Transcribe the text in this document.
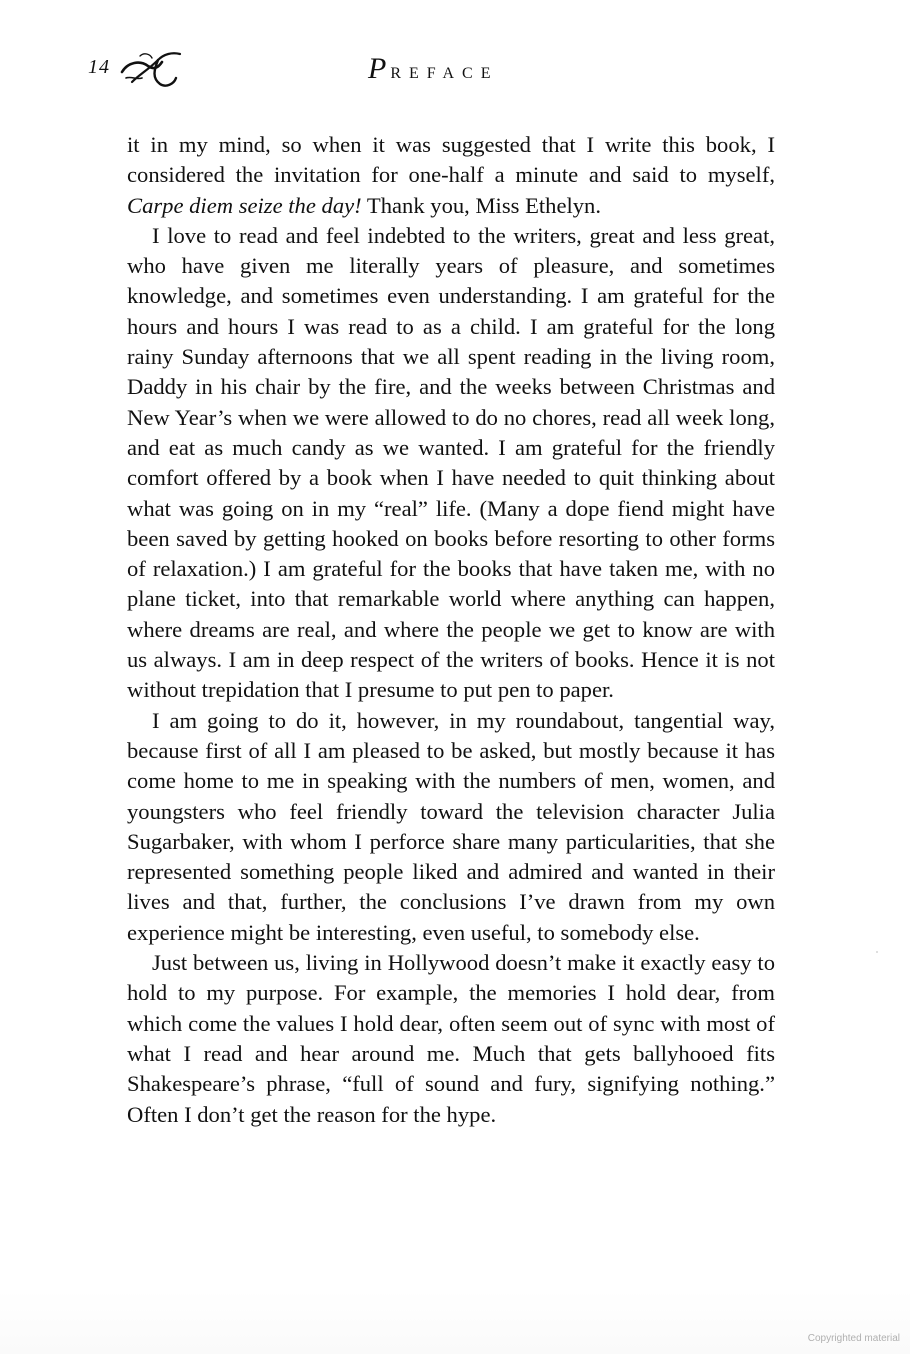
14	PREFACE

it in my mind, so when it was suggested that I write this book, I considered the invitation for one-half a minute and said to myself, Carpe diem seize the day! Thank you, Miss Ethelyn.

I love to read and feel indebted to the writers, great and less great, who have given me literally years of pleasure, and sometimes knowledge, and sometimes even understanding. I am grateful for the hours and hours I was read to as a child. I am grateful for the long rainy Sunday afternoons that we all spent reading in the living room, Daddy in his chair by the fire, and the weeks between Christmas and New Year’s when we were allowed to do no chores, read all week long, and eat as much candy as we wanted. I am grateful for the friendly comfort offered by a book when I have needed to quit thinking about what was going on in my “real” life. (Many a dope fiend might have been saved by getting hooked on books before resorting to other forms of relaxation.) I am grateful for the books that have taken me, with no plane ticket, into that remarkable world where anything can happen, where dreams are real, and where the people we get to know are with us always. I am in deep respect of the writers of books. Hence it is not without trepidation that I presume to put pen to paper.

I am going to do it, however, in my roundabout, tangential way, because first of all I am pleased to be asked, but mostly because it has come home to me in speaking with the numbers of men, women, and youngsters who feel friendly toward the television character Julia Sugarbaker, with whom I perforce share many particularities, that she represented something people liked and admired and wanted in their lives and that, further, the conclusions I’ve drawn from my own experience might be interesting, even useful, to somebody else.

Just between us, living in Hollywood doesn’t make it exactly easy to hold to my purpose. For example, the memories I hold dear, from which come the values I hold dear, often seem out of sync with most of what I read and hear around me. Much that gets ballyhooed fits Shakespeare’s phrase, “full of sound and fury, signifying nothing.” Often I don’t get the reason for the hype.

Copyrighted material
